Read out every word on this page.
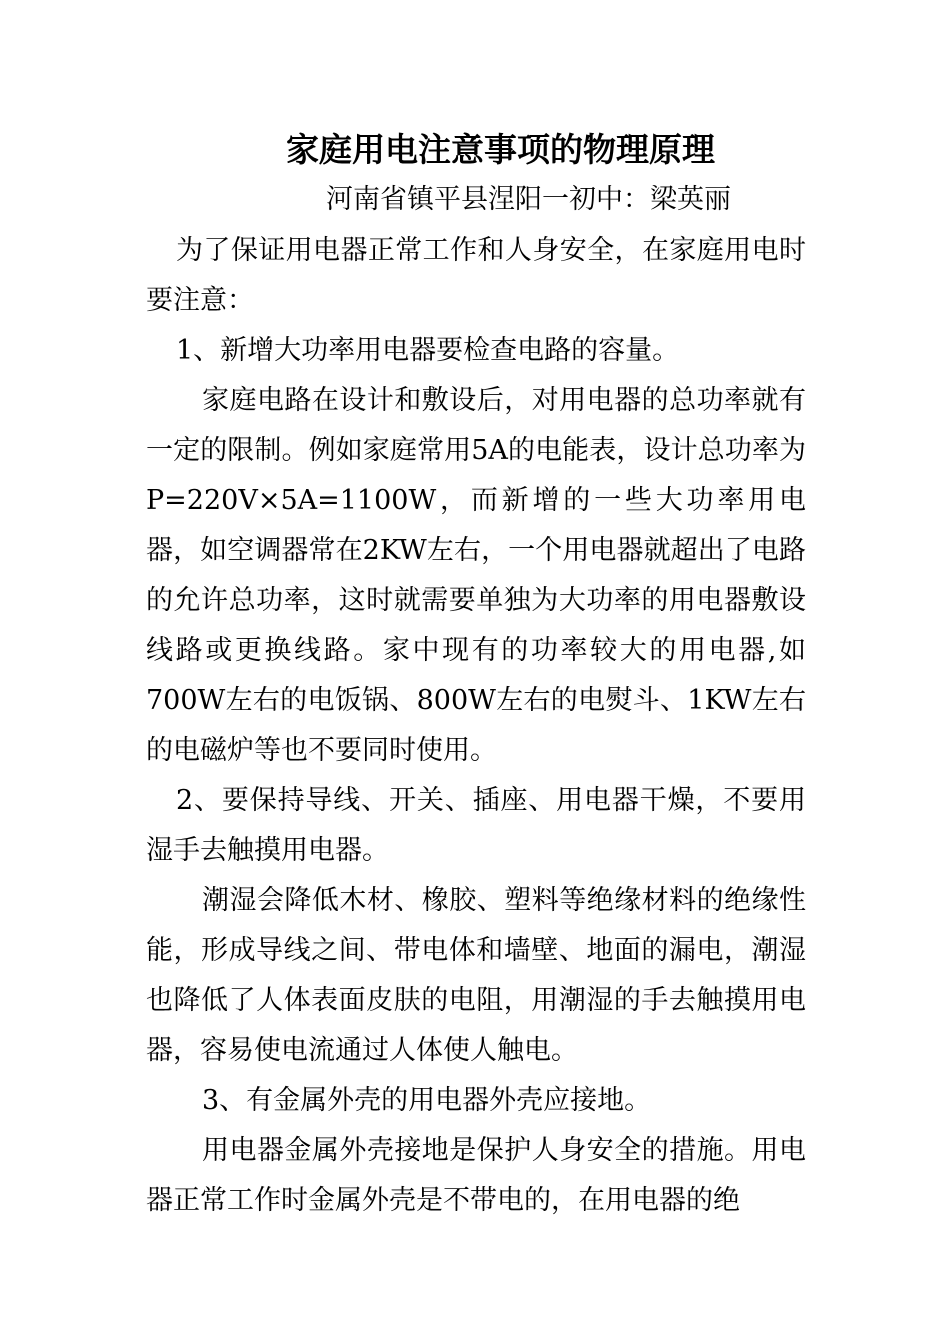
家庭用电注意事项的物理原理
河南省镇平县涅阳一初中：梁英丽

为了保证用电器正常工作和人身安全，在家庭用电时要注意：

1、新增大功率用电器要检查电路的容量。

家庭电路在设计和敷设后，对用电器的总功率就有一定的限制。例如家庭常用5A的电能表，设计总功率为P=220V×5A=1100W，而新增的一些大功率用电器，如空调器常在2KW左右，一个用电器就超出了电路的允许总功率，这时就需要单独为大功率的用电器敷设线路或更换线路。家中现有的功率较大的用电器,如700W左右的电饭锅、800W左右的电熨斗、1KW左右的电磁炉等也不要同时使用。

2、要保持导线、开关、插座、用电器干燥，不要用湿手去触摸用电器。

潮湿会降低木材、橡胶、塑料等绝缘材料的绝缘性能，形成导线之间、带电体和墙壁、地面的漏电，潮湿也降低了人体表面皮肤的电阻，用潮湿的手去触摸用电器，容易使电流通过人体使人触电。

3、有金属外壳的用电器外壳应接地。

用电器金属外壳接地是保护人身安全的措施。用电器正常工作时金属外壳是不带电的，在用电器的绝
